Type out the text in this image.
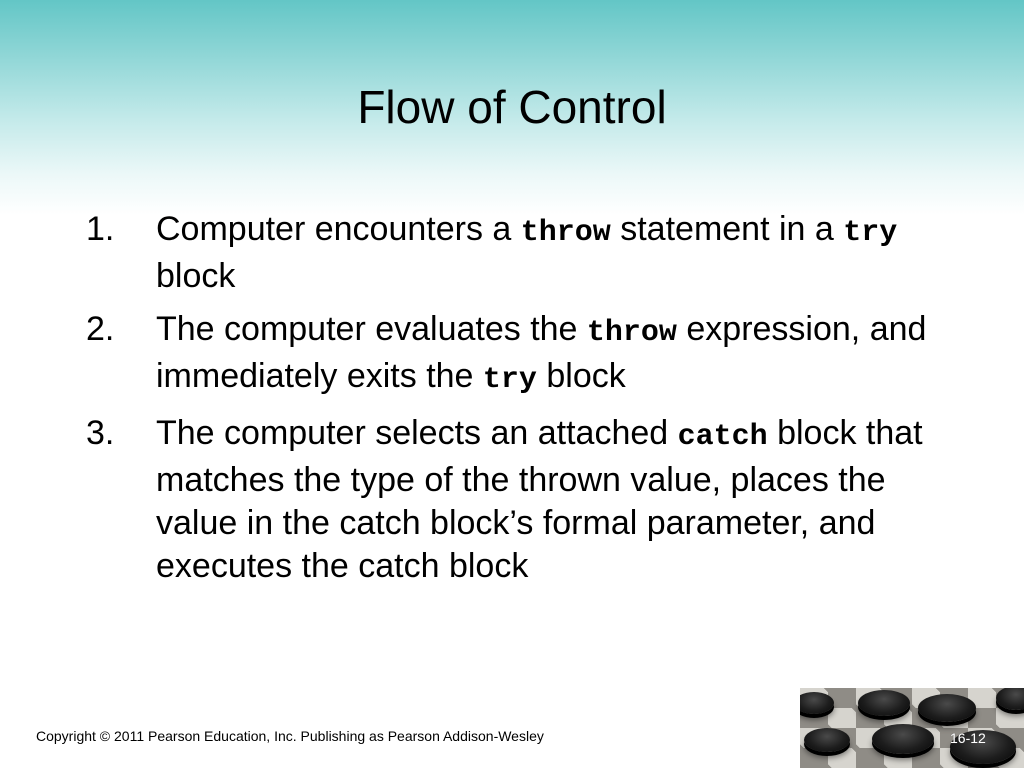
Flow of Control
1. Computer encounters a throw statement in a try block
2. The computer evaluates the throw expression, and immediately exits the try block
3. The computer selects an attached catch block that matches the type of the thrown value, places the value in the catch block’s formal parameter, and executes the catch block
Copyright © 2011 Pearson Education, Inc. Publishing as Pearson Addison-Wesley	16-12
